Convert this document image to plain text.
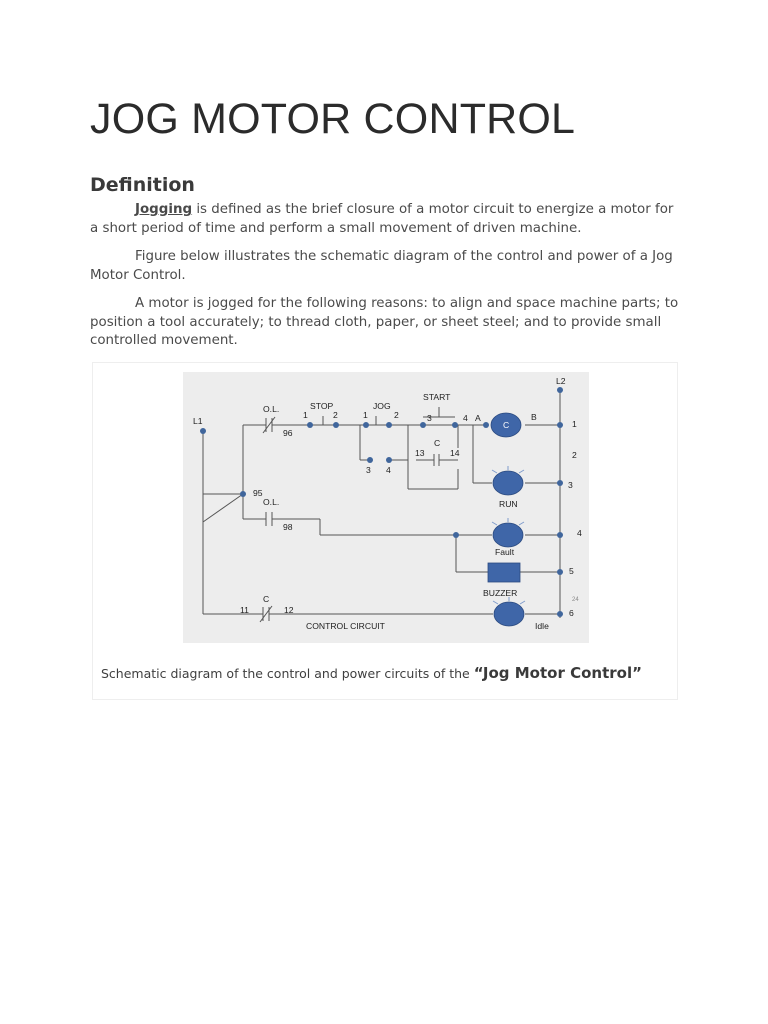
JOG MOTOR CONTROL
Definition

Jogging is defined as the brief closure of a motor circuit to energize a motor for a short period of time and perform a small movement of driven machine.

Figure below illustrates the schematic diagram of the control and power of a Jog Motor Control.

A motor is jogged for the following reasons: to align and space machine parts; to position a tool accurately; to thread cloth, paper, or sheet steel; and to provide small controlled movement.

L1
L2
O.L.
96
STOP
1	2
JOG
1	2
START
3	4 A	B
C
3 4
C
13	14
95
O.L.
98
RUN
Fault
BUZZER
C
11	12
CONTROL CIRCUIT	Idle
1
2
3
4
5
6
24

Schematic diagram of the control and power circuits of the “Jog Motor Control”
